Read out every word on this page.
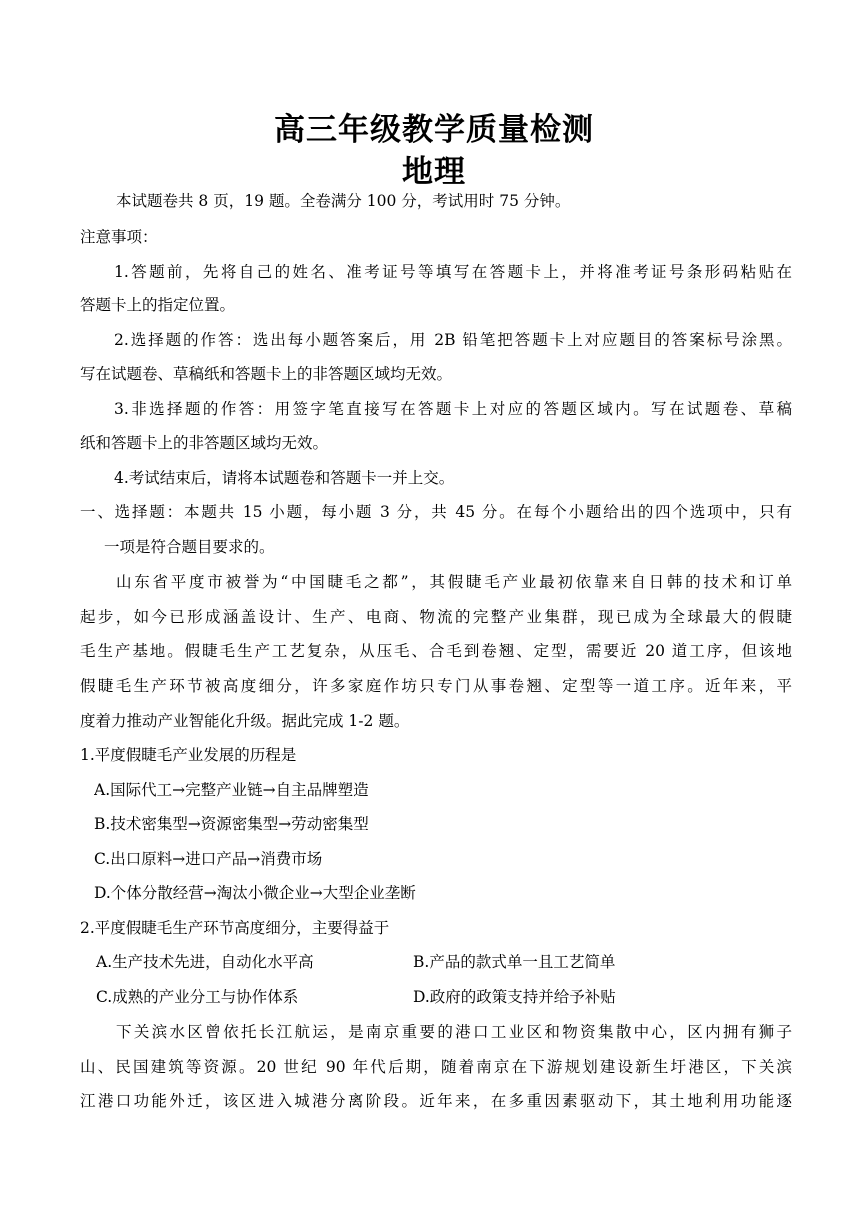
高三年级教学质量检测
地理
本试题卷共 8 页，19 题。全卷满分 100 分，考试用时 75 分钟。
注意事项：
1.答题前，先将自己的姓名、准考证号等填写在答题卡上，并将准考证号条形码粘贴在
答题卡上的指定位置。
2.选择题的作答：选出每小题答案后，用 2B 铅笔把答题卡上对应题目的答案标号涂黑。
写在试题卷、草稿纸和答题卡上的非答题区域均无效。
3.非选择题的作答：用签字笔直接写在答题卡上对应的答题区域内。写在试题卷、草稿
纸和答题卡上的非答题区域均无效。
4.考试结束后，请将本试题卷和答题卡一并上交。
一、选择题：本题共 15 小题，每小题 3 分，共 45 分。在每个小题给出的四个选项中，只有
一项是符合题目要求的。
山东省平度市被誉为“中国睫毛之都”，其假睫毛产业最初依靠来自日韩的技术和订单
起步，如今已形成涵盖设计、生产、电商、物流的完整产业集群，现已成为全球最大的假睫
毛生产基地。假睫毛生产工艺复杂，从压毛、合毛到卷翘、定型，需要近 20 道工序，但该地
假睫毛生产环节被高度细分，许多家庭作坊只专门从事卷翘、定型等一道工序。近年来，平
度着力推动产业智能化升级。据此完成 1-2 题。
1.平度假睫毛产业发展的历程是
A.国际代工→完整产业链→自主品牌塑造
B.技术密集型→资源密集型→劳动密集型
C.出口原料→进口产品→消费市场
D.个体分散经营→淘汰小微企业→大型企业垄断
2.平度假睫毛生产环节高度细分，主要得益于
A.生产技术先进，自动化水平高	B.产品的款式单一且工艺简单
C.成熟的产业分工与协作体系	D.政府的政策支持并给予补贴
下关滨水区曾依托长江航运，是南京重要的港口工业区和物资集散中心，区内拥有狮子
山、民国建筑等资源。20 世纪 90 年代后期，随着南京在下游规划建设新生圩港区，下关滨
江港口功能外迁，该区进入城港分离阶段。近年来，在多重因素驱动下，其土地利用功能逐
